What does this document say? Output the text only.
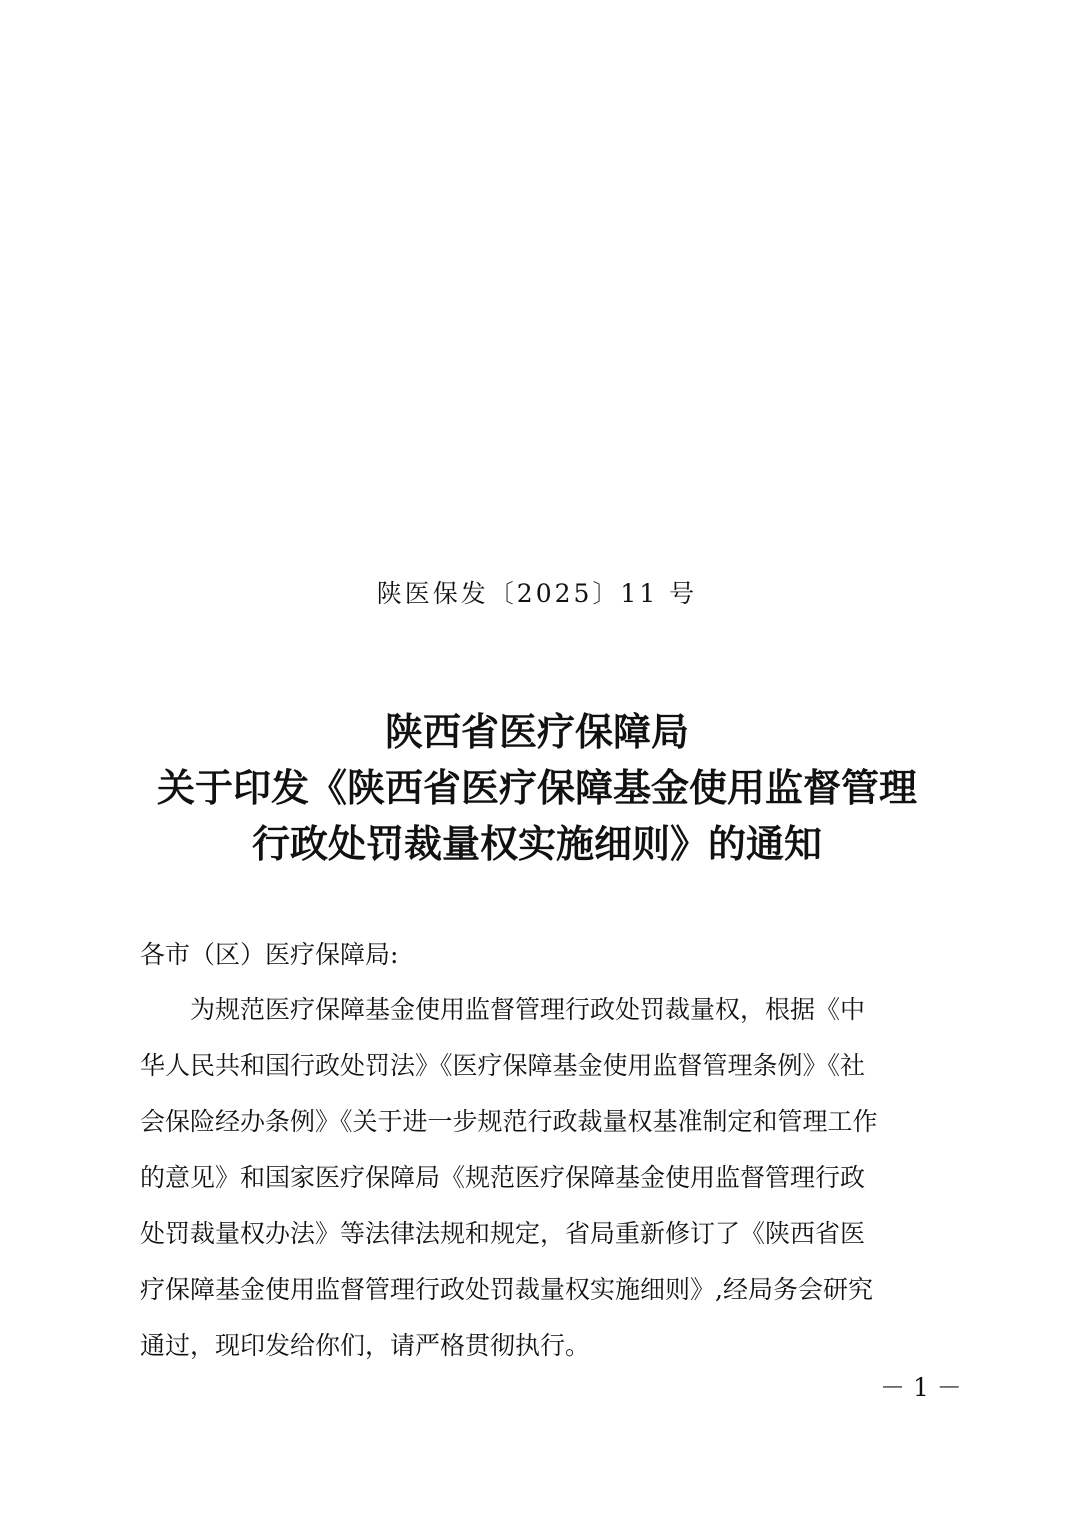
陕医保发〔2025〕11 号
陕西省医疗保障局
关于印发《陕西省医疗保障基金使用监督管理
行政处罚裁量权实施细则》的通知
各市（区）医疗保障局:
　　为规范医疗保障基金使用监督管理行政处罚裁量权，根据《中
华人民共和国行政处罚法》《医疗保障基金使用监督管理条例》《社
会保险经办条例》《关于进一步规范行政裁量权基准制定和管理工作
的意见》和国家医疗保障局《规范医疗保障基金使用监督管理行政
处罚裁量权办法》等法律法规和规定，省局重新修订了《陕西省医
疗保障基金使用监督管理行政处罚裁量权实施细则》,经局务会研究
通过，现印发给你们，请严格贯彻执行。
－ 1 －
